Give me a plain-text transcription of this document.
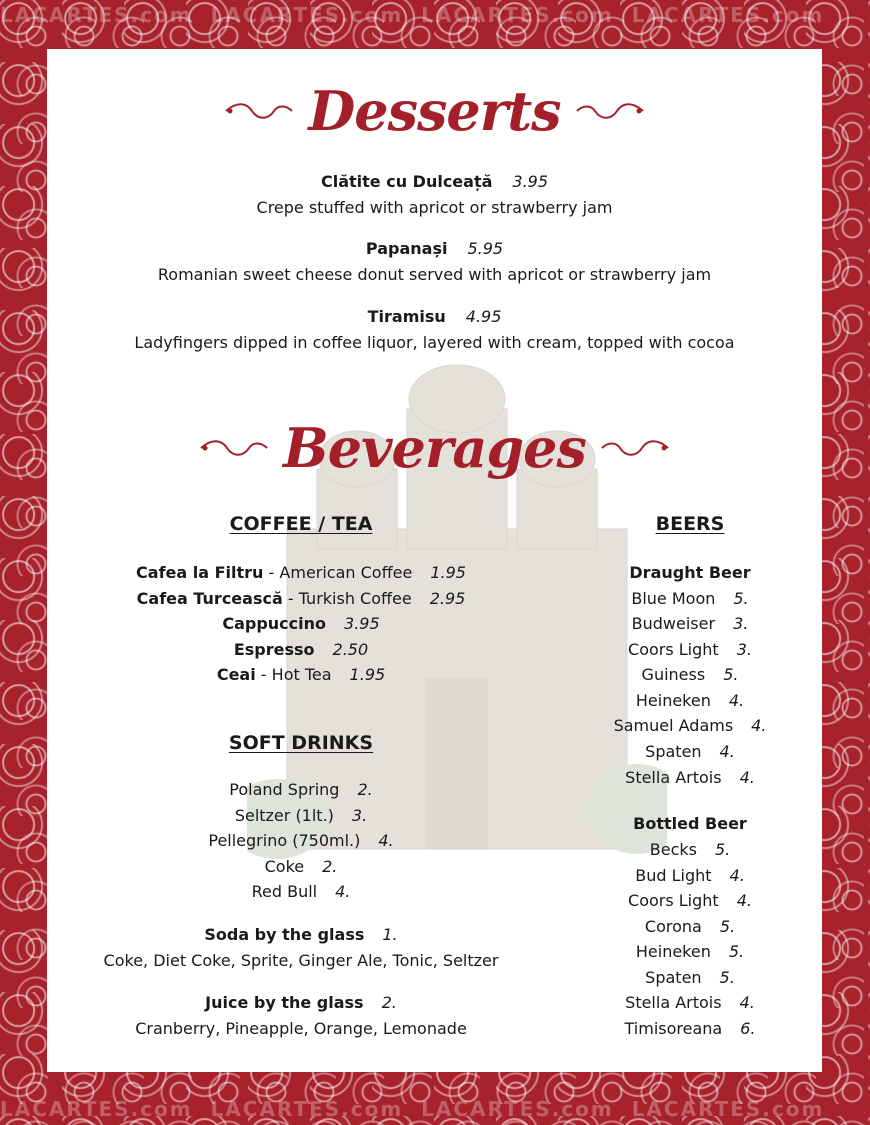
LACARTES.com LACARTES.com LACARTES.com LACARTES.com
LACARTES.com LACARTES.com LACARTES.com LACARTES.com
Desserts
Clătite cu Dulceață 3.95
Crepe stuffed with apricot or strawberry jam
Papanași 5.95
Romanian sweet cheese donut served with apricot or strawberry jam
Tiramisu 4.95
Ladyfingers dipped in coffee liquor, layered with cream, topped with cocoa
Beverages
COFFEE / TEA
Cafea la Filtru - American Coffee 1.95
Cafea Turcească - Turkish Coffee 2.95
Cappuccino 3.95
Espresso 2.50
Ceai - Hot Tea 1.95
SOFT DRINKS
Poland Spring 2.
Seltzer (1lt.) 3.
Pellegrino (750ml.) 4.
Coke 2.
Red Bull 4.
Soda by the glass 1.
Coke, Diet Coke, Sprite, Ginger Ale, Tonic, Seltzer
Juice by the glass 2.
Cranberry, Pineapple, Orange, Lemonade
BEERS
Draught Beer
Blue Moon 5.
Budweiser 3.
Coors Light 3.
Guiness 5.
Heineken 4.
Samuel Adams 4.
Spaten 4.
Stella Artois 4.
Bottled Beer
Becks 5.
Bud Light 4.
Coors Light 4.
Corona 5.
Heineken 5.
Spaten 5.
Stella Artois 4.
Timisoreana 6.
